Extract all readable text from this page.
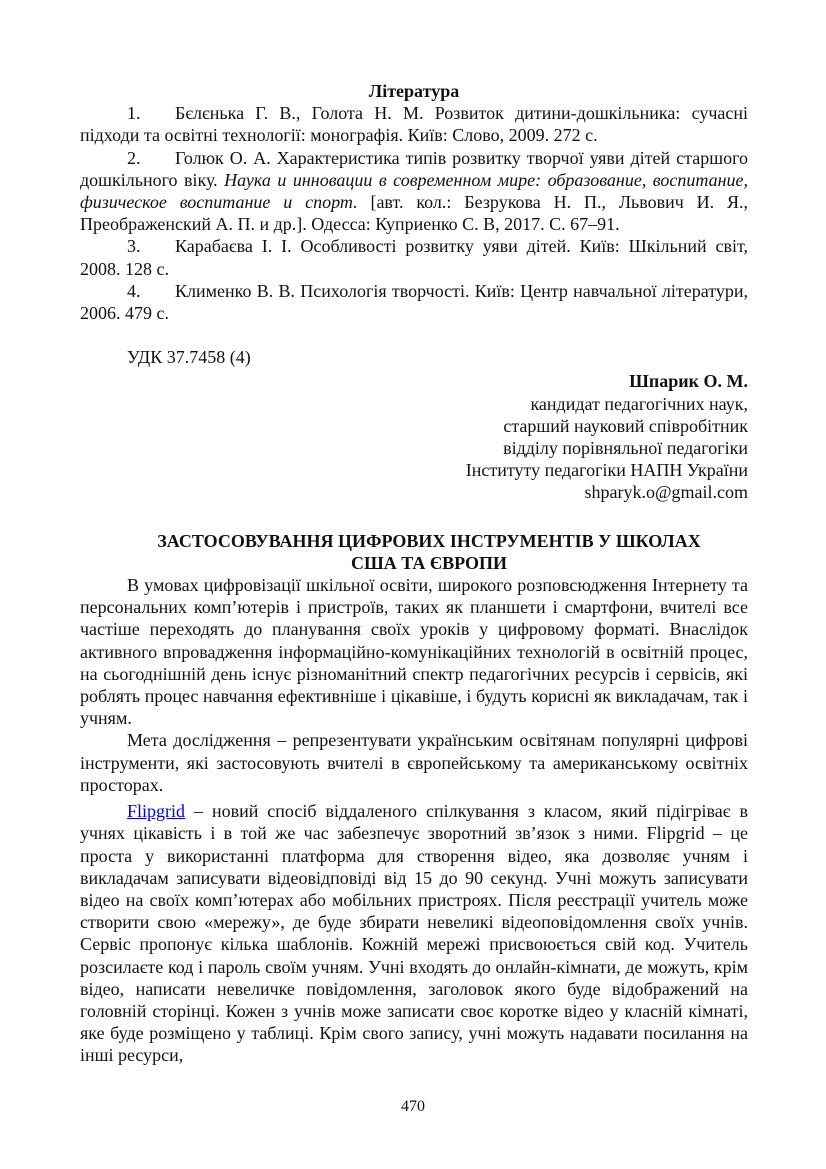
Література
1. Бєлєнька Г. В., Голота Н. М. Розвиток дитини-дошкільника: сучасні підходи та освітні технології: монографія. Київ: Слово, 2009. 272 с.
2. Голюк О. А. Характеристика типів розвитку творчої уяви дітей старшого дошкільного віку. Наука и инновации в современном мире: образование, воспитание, физическое воспитание и спорт. [авт. кол.: Безрукова Н. П., Львович И. Я., Преображенский А. П. и др.]. Одесса: Куприенко С. В, 2017. С. 67–91.
3. Карабаєва І. І. Особливості розвитку уяви дітей. Київ: Шкільний світ, 2008. 128 с.
4. Клименко В. В. Психологія творчості. Київ: Центр навчальної літератури, 2006. 479 с.
УДК 37.7458 (4)
Шпарик О. М.
кандидат педагогічних наук,
старший науковий співробітник
відділу порівняльної педагогіки
Інституту педагогіки НАПН України
shparyk.o@gmail.com
ЗАСТОСОВУВАННЯ ЦИФРОВИХ ІНСТРУМЕНТІВ У ШКОЛАХ
США ТА ЄВРОПИ
В умовах цифровізації шкільної освіти, широкого розповсюдження Інтернету та персональних комп’ютерів і пристроїв, таких як планшети і смартфони, вчителі все частіше переходять до планування своїх уроків у цифровому форматі. Внаслідок активного впровадження інформаційно-комунікаційних технологій в освітній процес, на сьогоднішній день існує різноманітний спектр педагогічних ресурсів і сервісів, які роблять процес навчання ефективніше і цікавіше, і будуть корисні як викладачам, так і учням.
Мета дослідження – репрезентувати українським освітянам популярні цифрові інструменти, які застосовують вчителі в європейському та американському освітніх просторах.
Flipgrid – новий спосіб віддаленого спілкування з класом, який підігріває в учнях цікавість і в той же час забезпечує зворотний зв’язок з ними. Flipgrid – це проста у використанні платформа для створення відео, яка дозволяє учням і викладачам записувати відеовідповіді від 15 до 90 секунд. Учні можуть записувати відео на своїх комп’ютерах або мобільних пристроях. Після реєстрації учитель може створити свою «мережу», де буде збирати невеликі відеоповідомлення своїх учнів. Сервіс пропонує кілька шаблонів. Кожній мережі присвоюється свій код. Учитель розсилаєте код і пароль своїм учням. Учні входять до онлайн-кімнати, де можуть, крім відео, написати невеличке повідомлення, заголовок якого буде відображений на головній сторінці. Кожен з учнів може записати своє коротке відео у класній кімнаті, яке буде розміщено у таблиці. Крім свого запису, учні можуть надавати посилання на інші ресурси,
470
